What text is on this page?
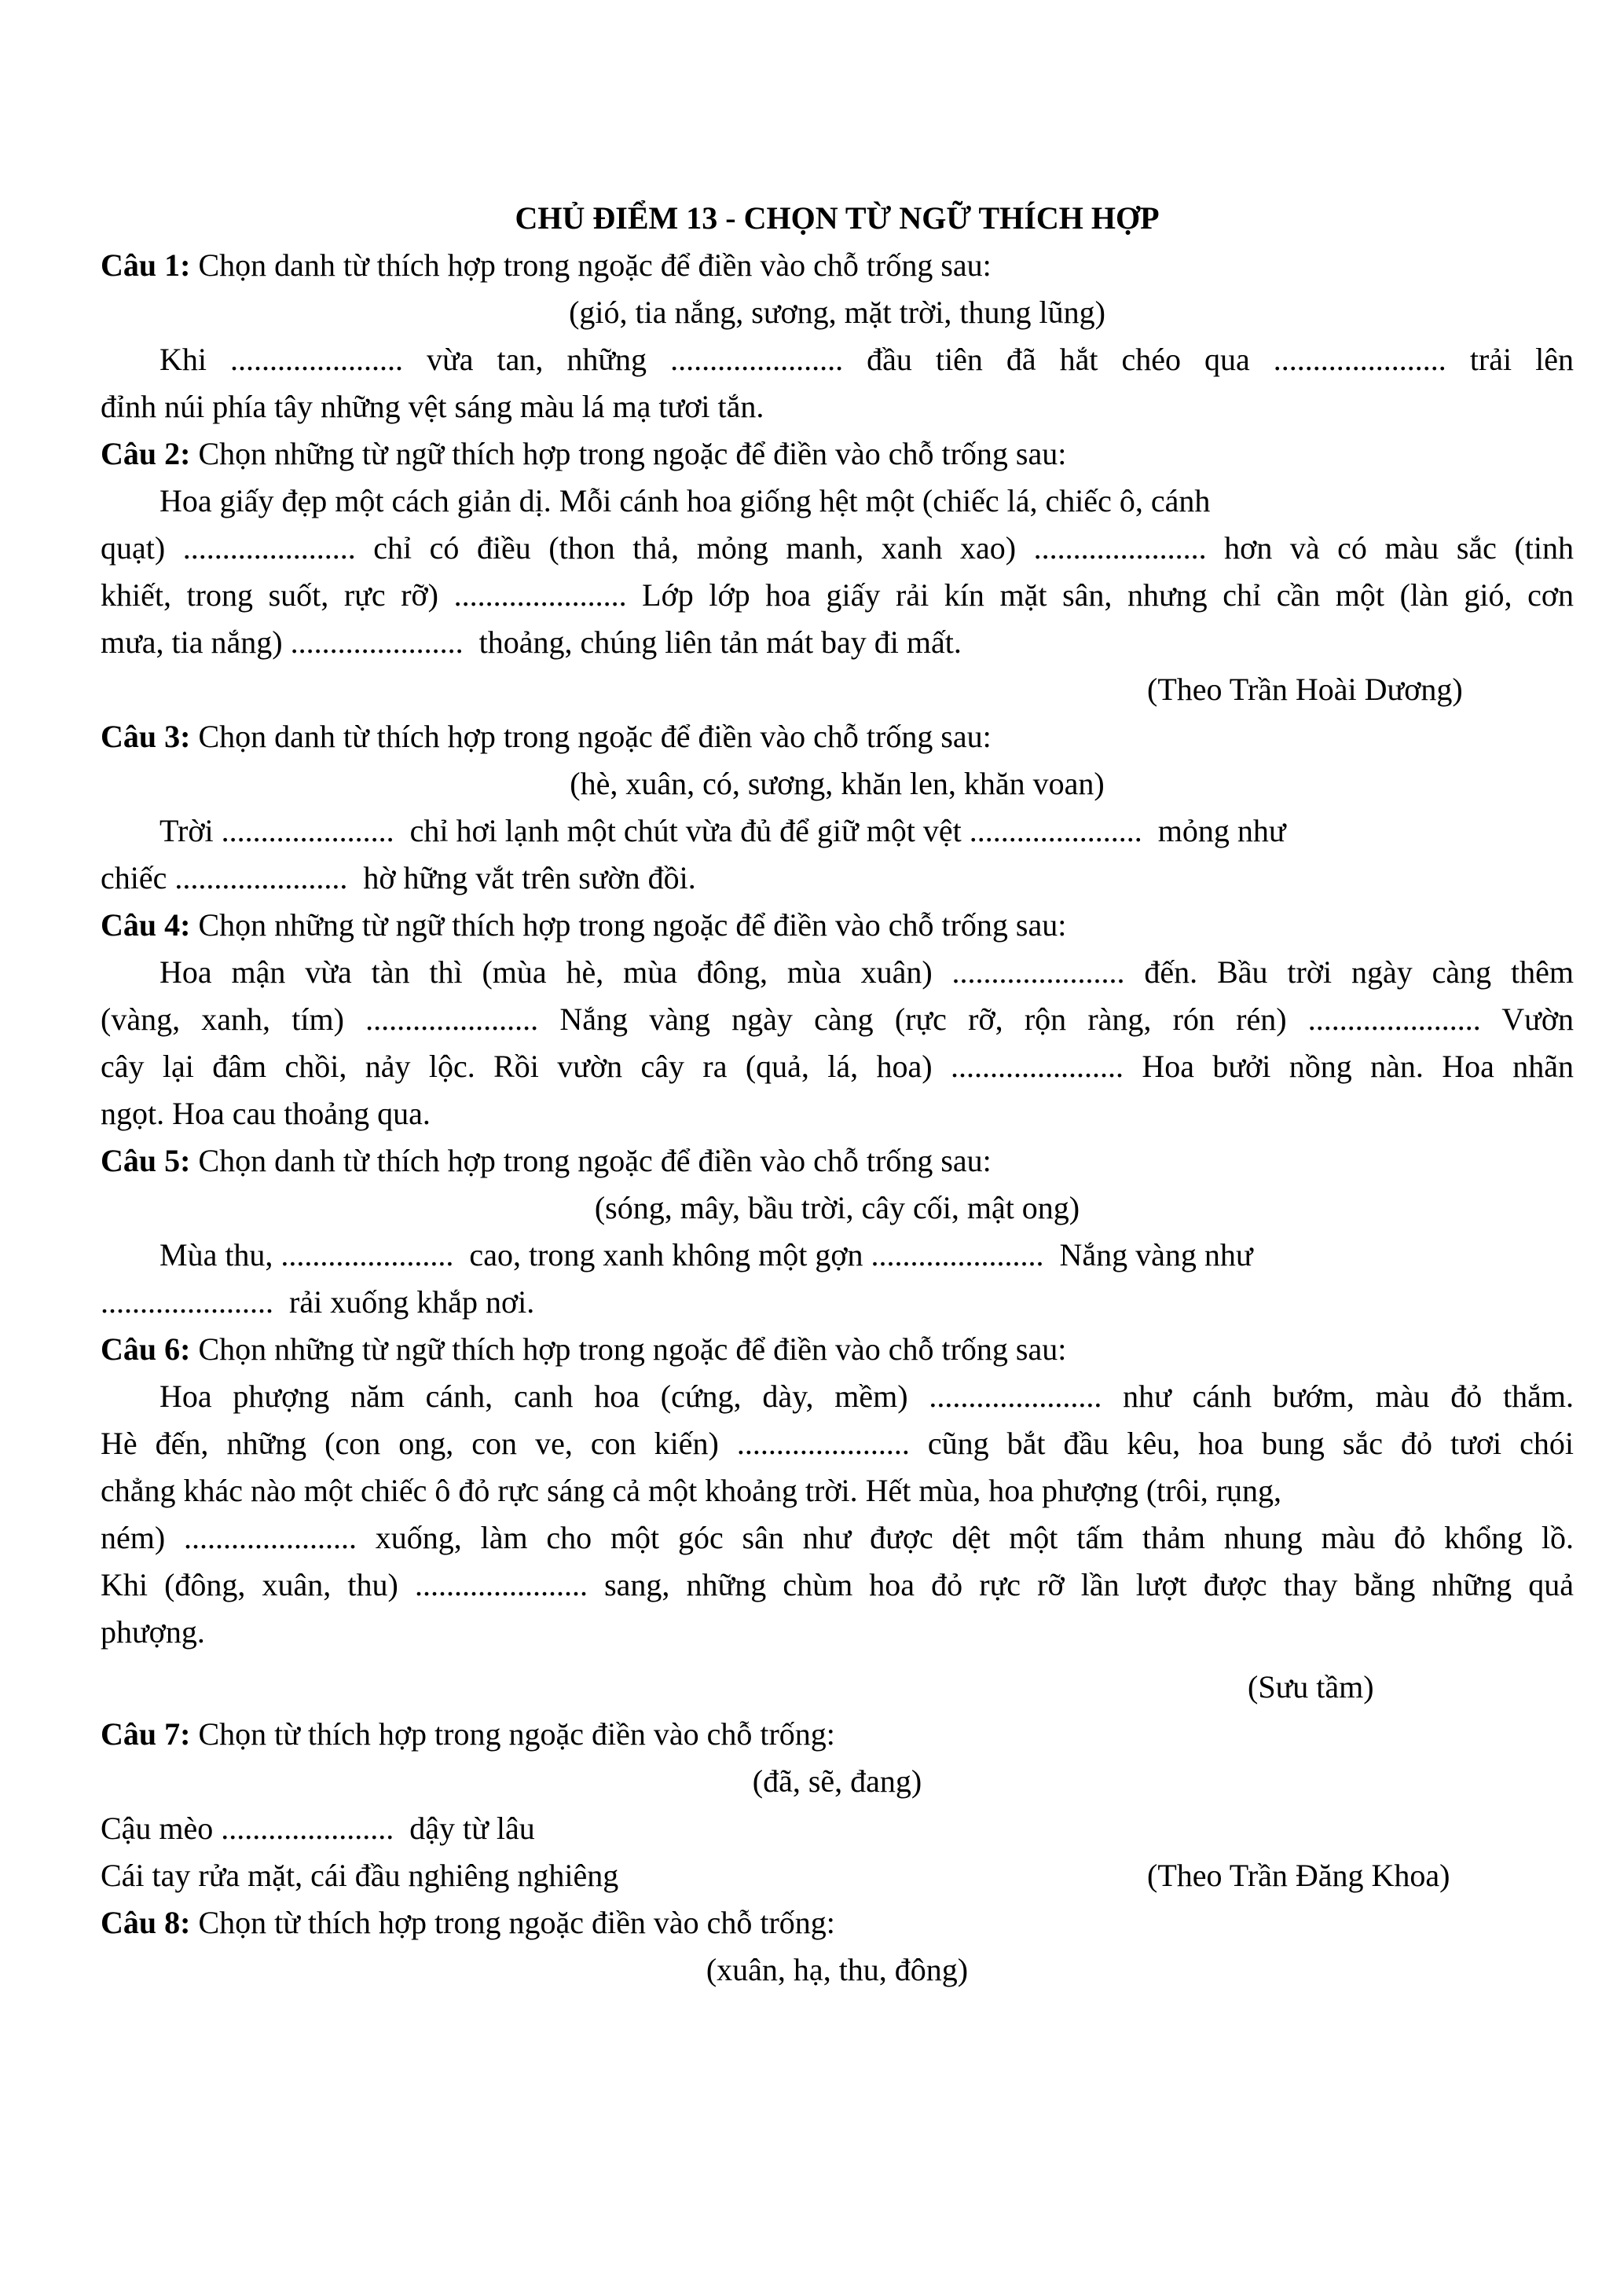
CHỦ ĐIỂM 13 - CHỌN TỪ NGỮ THÍCH HỢP
Câu 1: Chọn danh từ thích hợp trong ngoặc để điền vào chỗ trống sau:
(gió, tia nắng, sương, mặt trời, thung lũng)
Khi ...................... vừa tan, những ...................... đầu tiên đã hắt chéo qua ...................... trải lên
đỉnh núi phía tây những vệt sáng màu lá mạ tươi tắn.
Câu 2: Chọn những từ ngữ thích hợp trong ngoặc để điền vào chỗ trống sau:
Hoa giấy đẹp một cách giản dị. Mỗi cánh hoa giống hệt một (chiếc lá, chiếc ô, cánh
quạt) ...................... chỉ có điều (thon thả, mỏng manh, xanh xao) ...................... hơn và có màu sắc (tinh
khiết, trong suốt, rực rỡ) ...................... Lớp lớp hoa giấy rải kín mặt sân, nhưng chỉ cần một (làn gió, cơn
mưa, tia nắng) ......................  thoảng, chúng liên tản mát bay đi mất.
(Theo Trần Hoài Dương)
Câu 3: Chọn danh từ thích hợp trong ngoặc để điền vào chỗ trống sau:
(hè, xuân, có, sương, khăn len, khăn voan)
Trời ......................  chỉ hơi lạnh một chút vừa đủ để giữ một vệt ......................  mỏng như
chiếc ......................  hờ hững vắt trên sườn đồi.
Câu 4: Chọn những từ ngữ thích hợp trong ngoặc để điền vào chỗ trống sau:
Hoa mận vừa tàn thì (mùa hè, mùa đông, mùa xuân) ...................... đến. Bầu trời ngày càng thêm
(vàng, xanh, tím) ...................... Nắng vàng ngày càng (rực rỡ, rộn ràng, rón rén) ...................... Vườn
cây lại đâm chồi, nảy lộc. Rồi vườn cây ra (quả, lá, hoa) ...................... Hoa bưởi nồng nàn. Hoa nhãn
ngọt. Hoa cau thoảng qua.
Câu 5: Chọn danh từ thích hợp trong ngoặc để điền vào chỗ trống sau:
(sóng, mây, bầu trời, cây cối, mật ong)
Mùa thu, ......................  cao, trong xanh không một gợn ......................  Nắng vàng như
......................  rải xuống khắp nơi.
Câu 6: Chọn những từ ngữ thích hợp trong ngoặc để điền vào chỗ trống sau:
Hoa phượng năm cánh, canh hoa (cứng, dày, mềm) ...................... như cánh bướm, màu đỏ thắm.
Hè đến, những (con ong, con ve, con kiến) ...................... cũng bắt đầu kêu, hoa bung sắc đỏ tươi chói
chẳng khác nào một chiếc ô đỏ rực sáng cả một khoảng trời. Hết mùa, hoa phượng (trôi, rụng,
ném) ...................... xuống, làm cho một góc sân như được dệt một tấm thảm nhung màu đỏ khổng lồ.
Khi (đông, xuân, thu) ...................... sang, những chùm hoa đỏ rực rỡ lần lượt được thay bằng những quả
phượng.
(Sưu tầm)
Câu 7: Chọn từ thích hợp trong ngoặc điền vào chỗ trống:
(đã, sẽ, đang)
Cậu mèo ......................  dậy từ lâu
Cái tay rửa mặt, cái đầu nghiêng nghiêng	(Theo Trần Đăng Khoa)
Câu 8: Chọn từ thích hợp trong ngoặc điền vào chỗ trống:
(xuân, hạ, thu, đông)
